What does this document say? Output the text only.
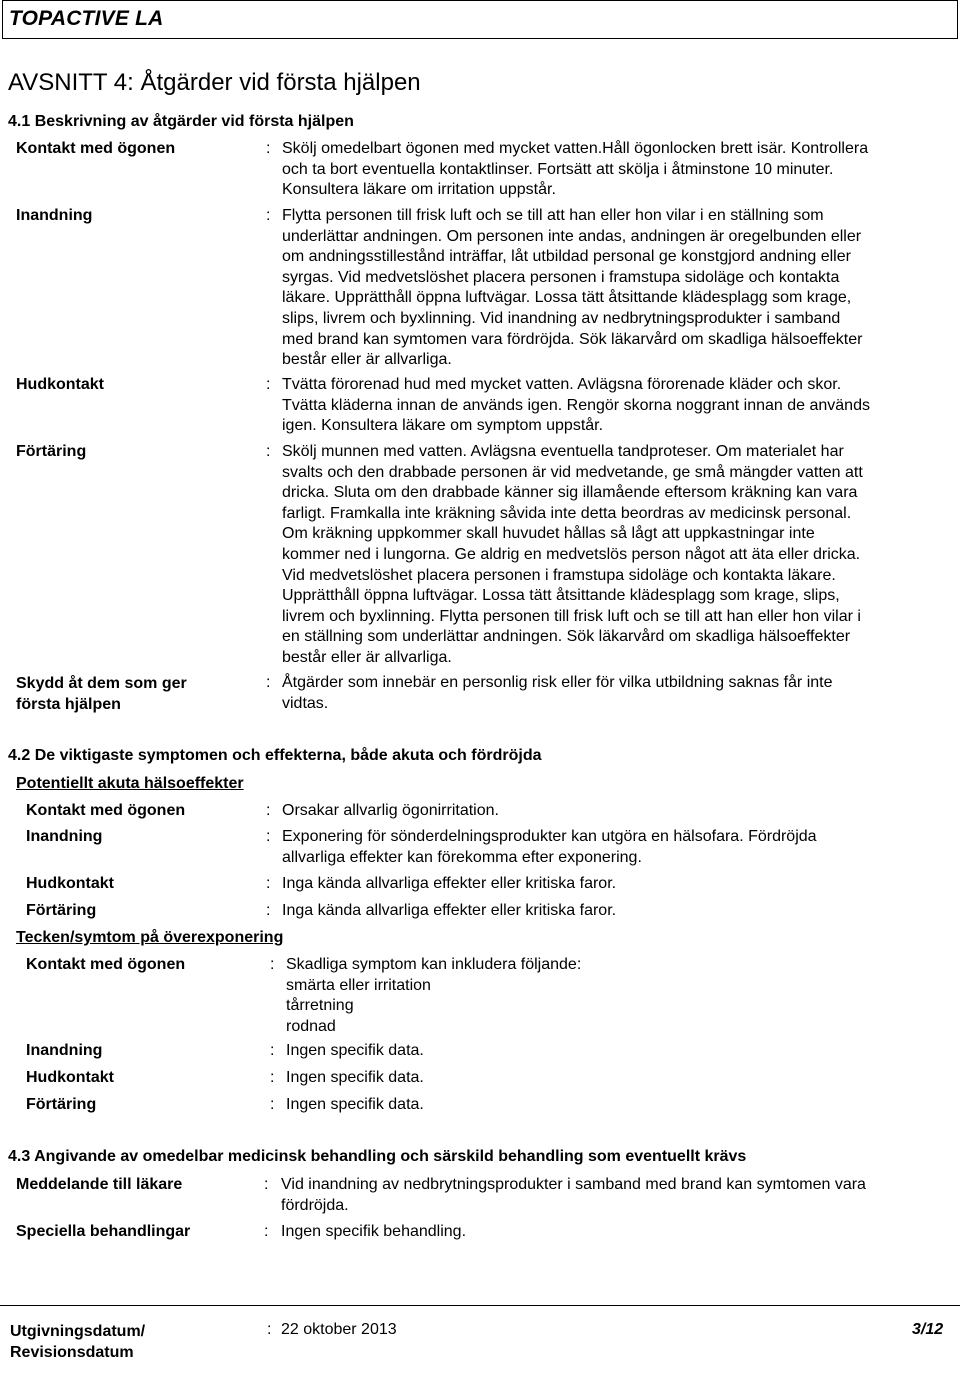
TOPACTIVE LA
AVSNITT 4: Åtgärder vid första hjälpen
4.1 Beskrivning av åtgärder vid första hjälpen
Kontakt med ögonen	: Skölj omedelbart ögonen med mycket vatten.Håll ögonlocken brett isär. Kontrollera
och ta bort eventuella kontaktlinser. Fortsätt att skölja i åtminstone 10 minuter.
Konsultera läkare om irritation uppstår.
Inandning	: Flytta personen till frisk luft och se till att han eller hon vilar i en ställning som
underlättar andningen. Om personen inte andas, andningen är oregelbunden eller
om andningsstillestånd inträffar, låt utbildad personal ge konstgjord andning eller
syrgas. Vid medvetslöshet placera personen i framstupa sidoläge och kontakta
läkare. Upprätthåll öppna luftvägar. Lossa tätt åtsittande klädesplagg som krage,
slips, livrem och byxlinning. Vid inandning av nedbrytningsprodukter i samband
med brand kan symtomen vara fördröjda. Sök läkarvård om skadliga hälsoeffekter
består eller är allvarliga.
Hudkontakt	: Tvätta förorenad hud med mycket vatten. Avlägsna förorenade kläder och skor.
Tvätta kläderna innan de används igen. Rengör skorna noggrant innan de används
igen. Konsultera läkare om symptom uppstår.
Förtäring	: Skölj munnen med vatten. Avlägsna eventuella tandproteser. Om materialet har
svalts och den drabbade personen är vid medvetande, ge små mängder vatten att
dricka. Sluta om den drabbade känner sig illamående eftersom kräkning kan vara
farligt. Framkalla inte kräkning såvida inte detta beordras av medicinsk personal.
Om kräkning uppkommer skall huvudet hållas så lågt att uppkastningar inte
kommer ned i lungorna. Ge aldrig en medvetslös person något att äta eller dricka.
Vid medvetslöshet placera personen i framstupa sidoläge och kontakta läkare.
Upprätthåll öppna luftvägar. Lossa tätt åtsittande klädesplagg som krage, slips,
livrem och byxlinning. Flytta personen till frisk luft och se till att han eller hon vilar i
en ställning som underlättar andningen. Sök läkarvård om skadliga hälsoeffekter
består eller är allvarliga.
Skydd åt dem som ger
första hjälpen
: Åtgärder som innebär en personlig risk eller för vilka utbildning saknas får inte
vidtas.
4.2 De viktigaste symptomen och effekterna, både akuta och fördröjda
Potentiellt akuta hälsoeffekter
Kontakt med ögonen	: Orsakar allvarlig ögonirritation.
Inandning	: Exponering för sönderdelningsprodukter kan utgöra en hälsofara. Fördröjda
allvarliga effekter kan förekomma efter exponering.
Hudkontakt	: Inga kända allvarliga effekter eller kritiska faror.
Förtäring	: Inga kända allvarliga effekter eller kritiska faror.
Tecken/symtom på överexponering
Kontakt med ögonen	: Skadliga symptom kan inkludera följande:
smärta eller irritation
tårretning
rodnad
Inandning	: Ingen specifik data.
Hudkontakt	: Ingen specifik data.
Förtäring	: Ingen specifik data.
4.3 Angivande av omedelbar medicinsk behandling och särskild behandling som eventuellt krävs
Meddelande till läkare	: Vid inandning av nedbrytningsprodukter i samband med brand kan symtomen vara
fördröjda.
Speciella behandlingar	: Ingen specifik behandling.
Utgivningsdatum/
Revisionsdatum
: 22 oktober 2013	3/12
